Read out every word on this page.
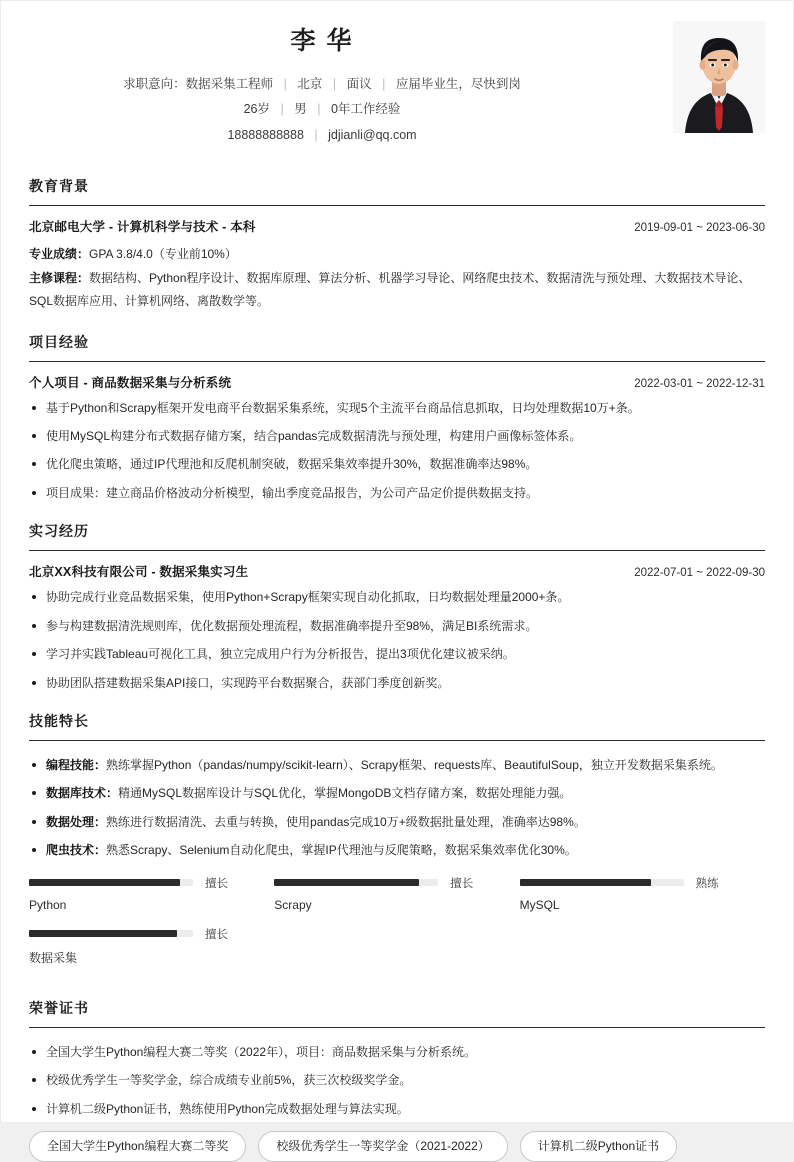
李 华
求职意向：数据采集工程师 | 北京 | 面议 | 应届毕业生，尽快到岗
26岁 | 男 | 0年工作经验
18888888888 | jdjianli@qq.com
教育背景
北京邮电大学 - 计算机科学与技术 - 本科	2019-09-01 ~ 2023-06-30
专业成绩：GPA 3.8/4.0（专业前10%）
主修课程：数据结构、Python程序设计、数据库原理、算法分析、机器学习导论、网络爬虫技术、数据清洗与预处理、大数据技术导论、SQL数据库应用、计算机网络、离散数学等。
项目经验
个人项目 - 商品数据采集与分析系统	2022-03-01 ~ 2022-12-31
基于Python和Scrapy框架开发电商平台数据采集系统，实现5个主流平台商品信息抓取，日均处理数据10万+条。
使用MySQL构建分布式数据存储方案，结合pandas完成数据清洗与预处理，构建用户画像标签体系。
优化爬虫策略，通过IP代理池和反爬机制突破，数据采集效率提升30%，数据准确率达98%。
项目成果：建立商品价格波动分析模型，输出季度竞品报告，为公司产品定价提供数据支持。
实习经历
北京XX科技有限公司 - 数据采集实习生	2022-07-01 ~ 2022-09-30
协助完成行业竞品数据采集，使用Python+Scrapy框架实现自动化抓取，日均数据处理量2000+条。
参与构建数据清洗规则库，优化数据预处理流程，数据准确率提升至98%，满足BI系统需求。
学习并实践Tableau可视化工具，独立完成用户行为分析报告，提出3项优化建议被采纳。
协助团队搭建数据采集API接口，实现跨平台数据聚合，获部门季度创新奖。
技能特长
编程技能：熟练掌握Python（pandas/numpy/scikit-learn）、Scrapy框架、requests库、BeautifulSoup，独立开发数据采集系统。
数据库技术：精通MySQL数据库设计与SQL优化，掌握MongoDB文档存储方案，数据处理能力强。
数据处理：熟练进行数据清洗、去重与转换，使用pandas完成10万+级数据批量处理，准确率达98%。
爬虫技术：熟悉Scrapy、Selenium自动化爬虫，掌握IP代理池与反爬策略，数据采集效率优化30%。
擅长
Python
擅长
Scrapy
熟练
MySQL
擅长
数据采集
荣誉证书
全国大学生Python编程大赛二等奖（2022年），项目：商品数据采集与分析系统。
校级优秀学生一等奖学金，综合成绩专业前5%，获三次校级奖学金。
计算机二级Python证书，熟练使用Python完成数据处理与算法实现。
全国大学生Python编程大赛二等奖	校级优秀学生一等奖学金（2021-2022）	计算机二级Python证书
